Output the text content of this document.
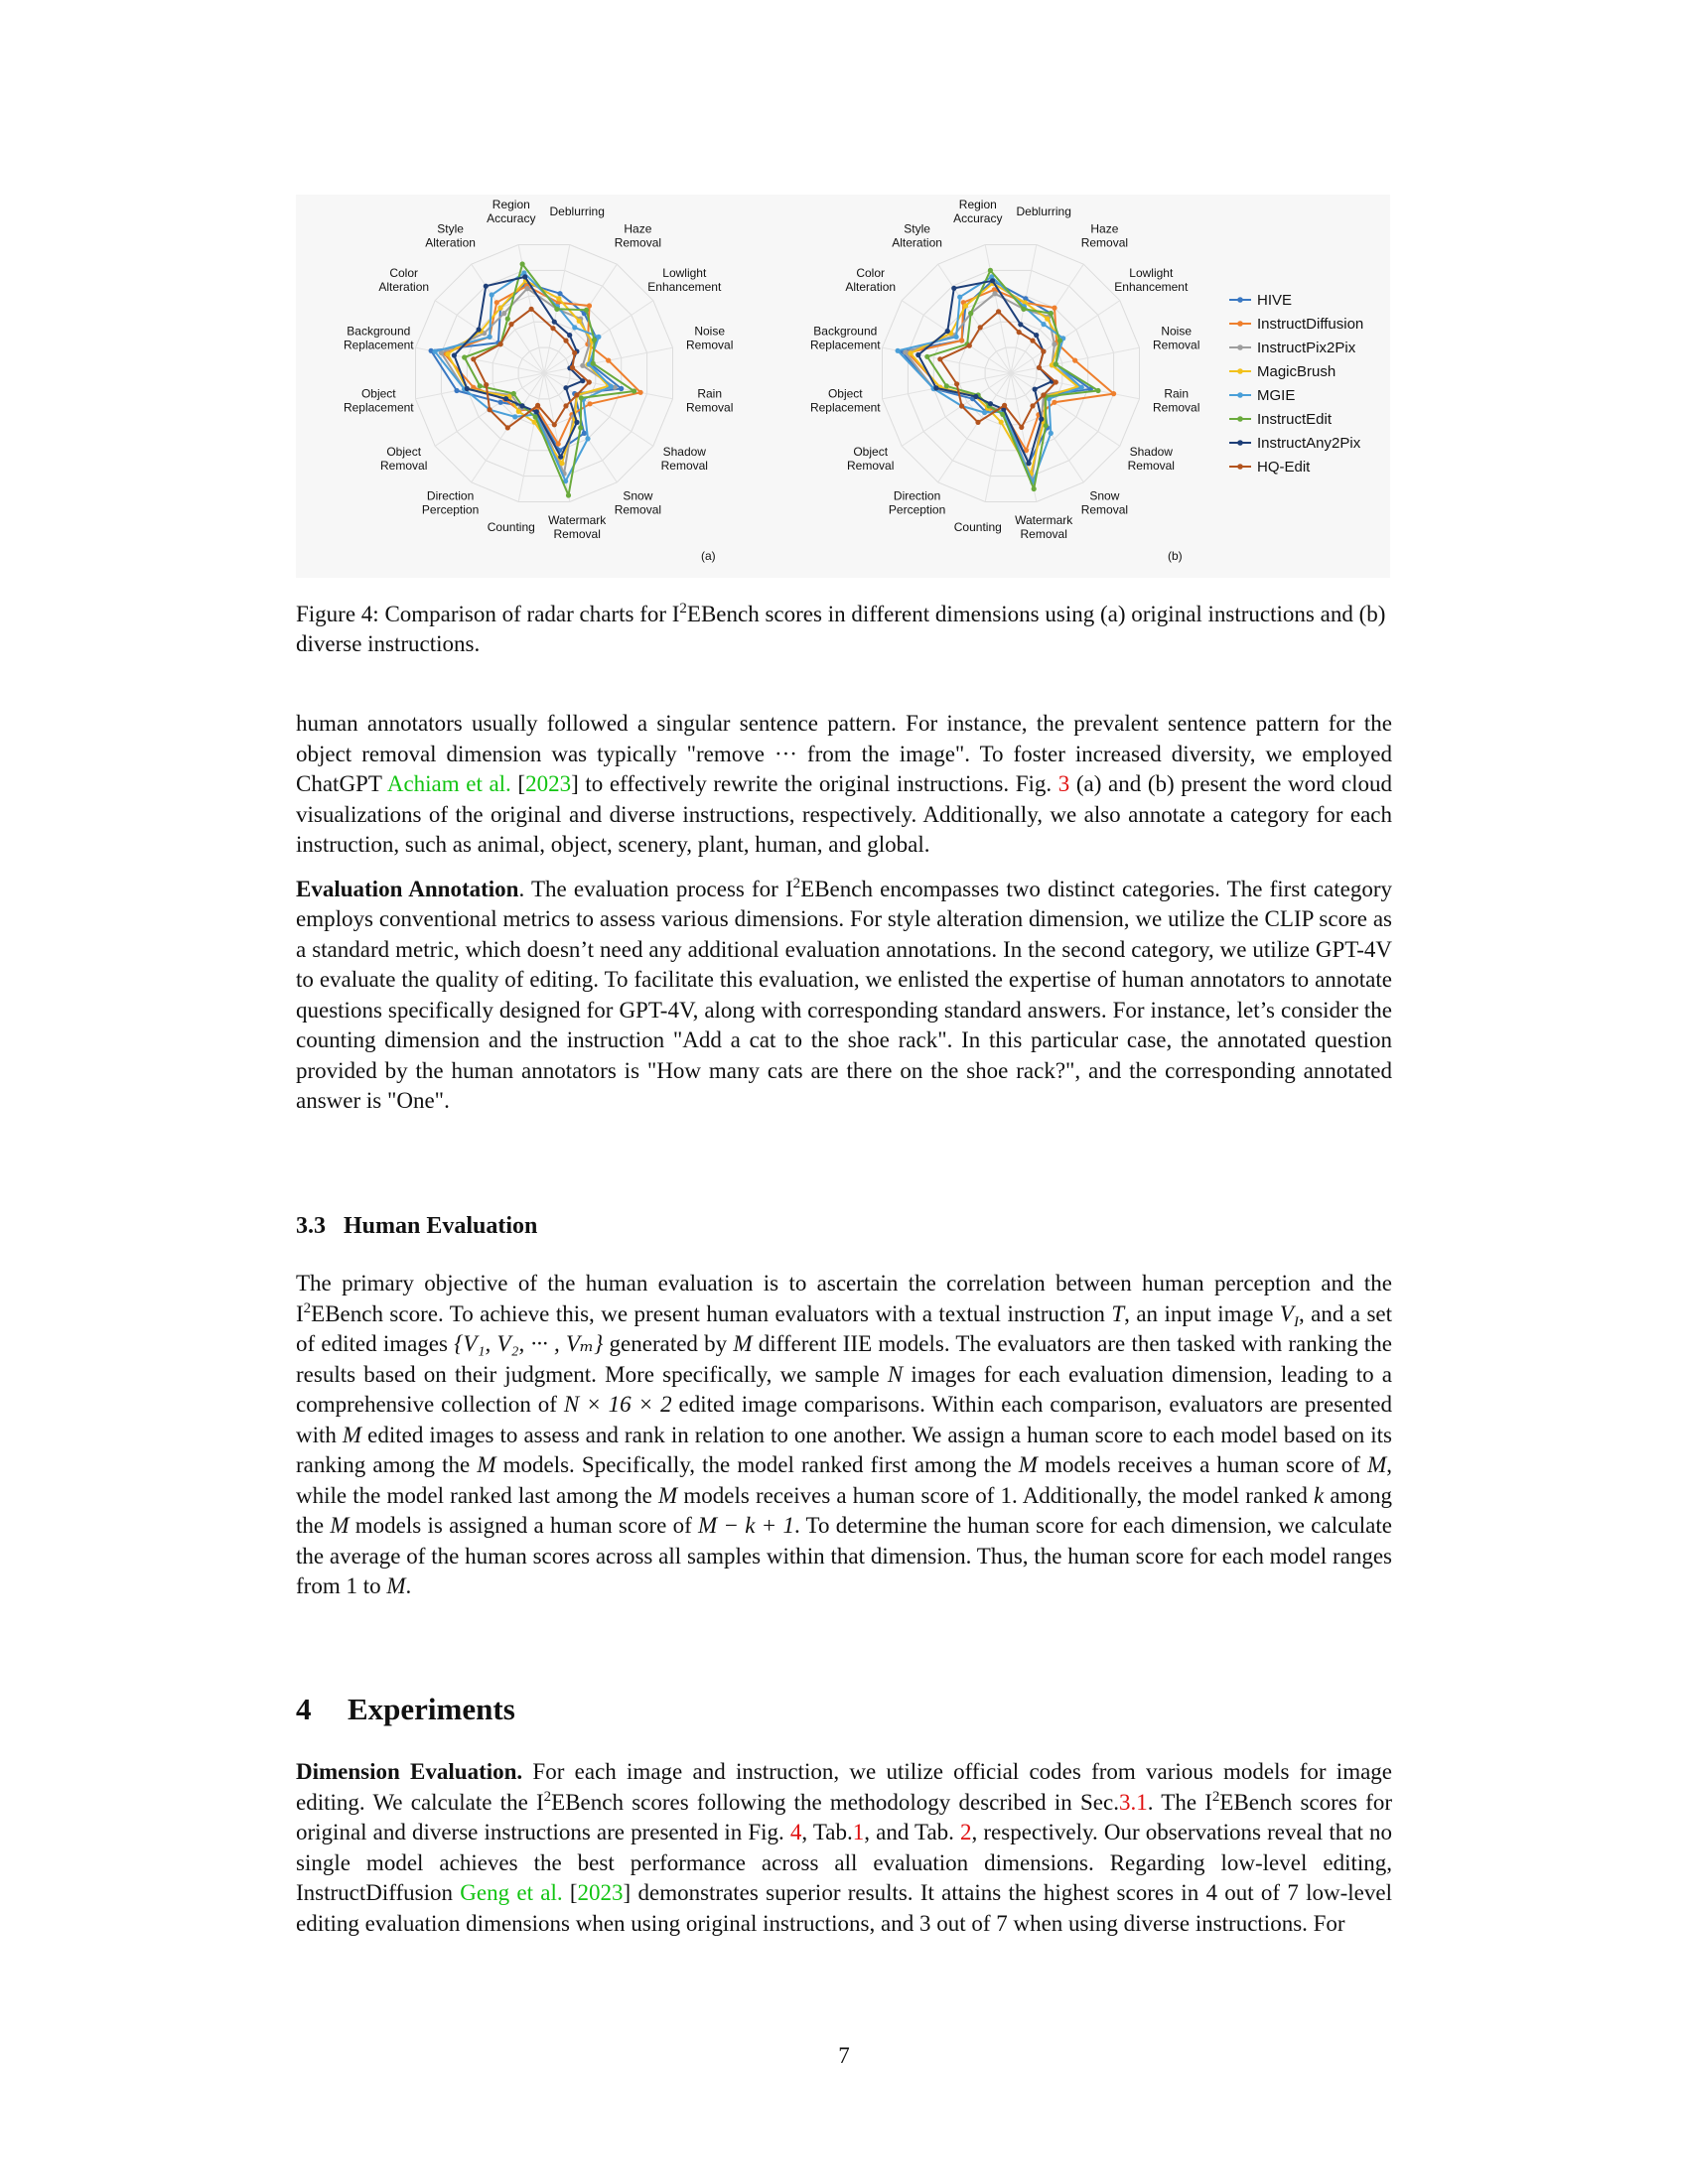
Deblurring
Haze Removal
Lowlight Enhancement
Noise Removal
Rain Removal
Shadow Removal
Snow Removal
Watermark Removal
Counting
Direction Perception
Object Removal
Object Replacement
Background Replacement
Color Alteration
Style Alteration
Region Accuracy
(a)
Deblurring
Haze Removal
Lowlight Enhancement
Noise Removal
Rain Removal
Shadow Removal
Snow Removal
Watermark Removal
Counting
Direction Perception
Object Removal
Object Replacement
Background Replacement
Color Alteration
Style Alteration
Region Accuracy
(b)
HIVE
InstructDiffusion
InstructPix2Pix
MagicBrush
MGIE
InstructEdit
InstructAny2Pix
HQ-Edit
Figure 4: Comparison of radar charts for $I^2EBench$ scores in different dimensions using (a) original instructions and (b) diverse instructions.

human annotators usually followed a singular sentence pattern. For instance, the prevalent sentence pattern for the object removal dimension was typically "remove ··· from the image". To foster increased diversity, we employed ChatGPT Achiam et al. [2023] to effectively rewrite the original instructions. Fig. 3 (a) and (b) present the word cloud visualizations of the original and diverse instructions, respectively. Additionally, we also annotate a category for each instruction, such as animal, object, scenery, plant, human, and global.

Evaluation Annotation. The evaluation process for $I^2EBench$ encompasses two distinct categories. The first category employs conventional metrics to assess various dimensions. For style alteration dimension, we utilize the CLIP score as a standard metric, which doesn’t need any additional evaluation annotations. In the second category, we utilize GPT-4V to evaluate the quality of editing. To facilitate this evaluation, we enlisted the expertise of human annotators to annotate questions specifically designed for GPT-4V, along with corresponding standard answers. For instance, let’s consider the counting dimension and the instruction "Add a cat to the shoe rack". In this particular case, the annotated question provided by the human annotators is "How many cats are there on the shoe rack?", and the corresponding annotated answer is "One".

3.3 Human Evaluation

The primary objective of the human evaluation is to ascertain the correlation between human perception and the $I^2EBench$ score. To achieve this, we present human evaluators with a textual instruction T, an input image $V_I$, and a set of edited images {V₁, V₂, ··· , Vₘ} generated by M different IIE models. The evaluators are then tasked with ranking the results based on their judgment. More specifically, we sample N images for each evaluation dimension, leading to a comprehensive collection of N × 16 × 2 edited image comparisons. Within each comparison, evaluators are presented with M edited images to assess and rank in relation to one another. We assign a human score to each model based on its ranking among the M models. Specifically, the model ranked first among the M models receives a human score of M, while the model ranked last among the M models receives a human score of 1. Additionally, the model ranked k among the M models is assigned a human score of M − k + 1. To determine the human score for each dimension, we calculate the average of the human scores across all samples within that dimension. Thus, the human score for each model ranges from 1 to M.

4 Experiments

Dimension Evaluation. For each image and instruction, we utilize official codes from various models for image editing. We calculate the $I^2EBench$ scores following the methodology described in Sec.3.1. The $I^2EBench$ scores for original and diverse instructions are presented in Fig. 4, Tab.1, and Tab. 2, respectively. Our observations reveal that no single model achieves the best performance across all evaluation dimensions. Regarding low-level editing, InstructDiffusion Geng et al. [2023] demonstrates superior results. It attains the highest scores in 4 out of 7 low-level editing evaluation dimensions when using original instructions, and 3 out of 7 when using diverse instructions. For

7
